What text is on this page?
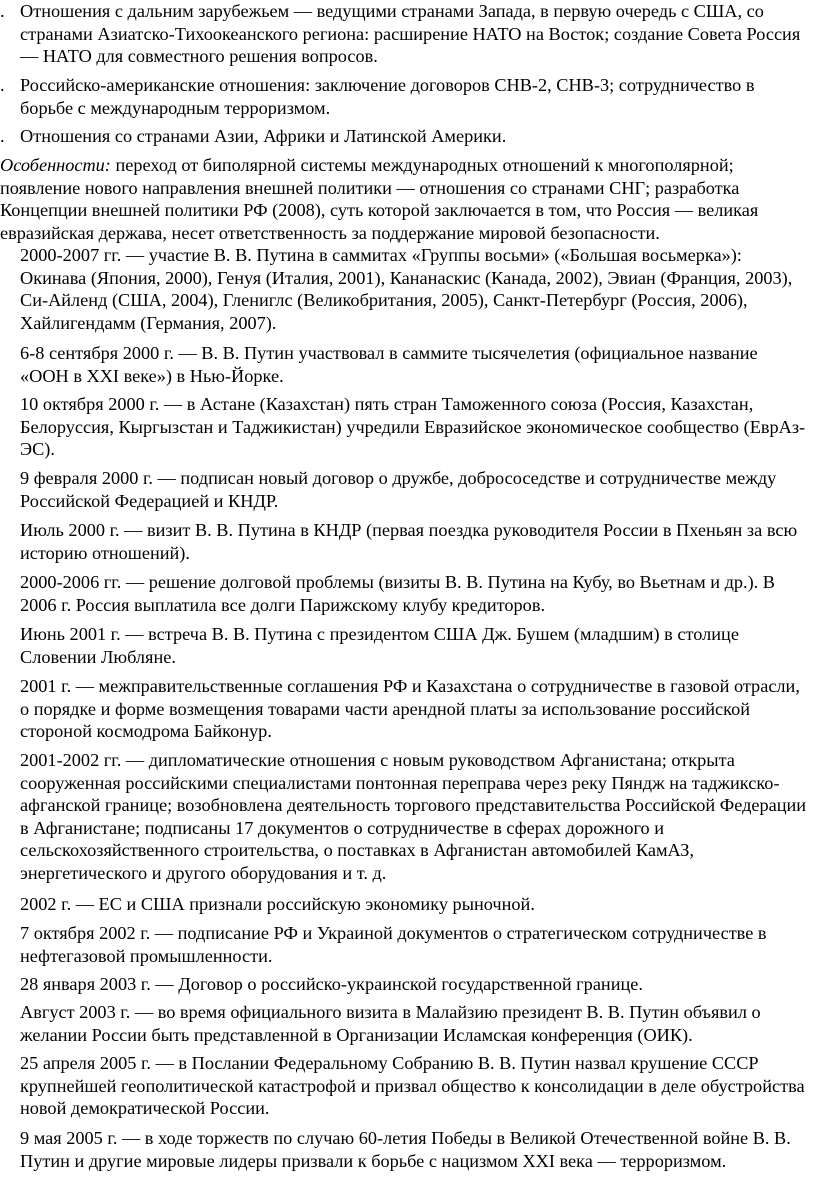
. Отношения с дальним зарубежьем — ведущими странами Запада, в первую очередь с США, со странами Азиатско-Тихоокеанского региона: расширение НАТО на Восток; создание Совета Россия — НАТО для совместного решения вопросов.
. Российско-американские отношения: заключение договоров СНВ-2, СНВ-3; сотрудничество в борьбе с международным терроризмом.
. Отношения со странами Азии, Африки и Латинской Америки.
Особенности: переход от биполярной системы международных отношений к многополярной; появление нового направления внешней политики — отношения со странами СНГ; разработка Концепции внешней политики РФ (2008), суть которой заключается в том, что Россия — великая евразийская держава, несет ответственность за поддержание мировой безопасности.
2000-2007 гг. — участие В. В. Путина в саммитах «Группы восьми» («Большая восьмерка»): Окинава (Япония, 2000), Генуя (Италия, 2001), Кананаскис (Канада, 2002), Эвиан (Франция, 2003), Си-Айленд (США, 2004), Глениглс (Великобритания, 2005), Санкт-Петербург (Россия, 2006), Хайлигендамм (Германия, 2007).
6-8 сентября 2000 г. — В. В. Путин участвовал в саммите тысячелетия (официальное название «ООН в XXI веке») в Нью-Йорке.
10 октября 2000 г. — в Астане (Казахстан) пять стран Таможенного союза (Россия, Казахстан, Белоруссия, Кыргызстан и Таджикистан) учредили Евразийское экономическое сообщество (ЕврАз-ЭС).
9 февраля 2000 г. — подписан новый договор о дружбе, добрососедстве и сотрудничестве между Российской Федерацией и КНДР.
Июль 2000 г. — визит В. В. Путина в КНДР (первая поездка руководителя России в Пхеньян за всю историю отношений).
2000-2006 гг. — решение долговой проблемы (визиты В. В. Путина на Кубу, во Вьетнам и др.). В 2006 г. Россия выплатила все долги Парижскому клубу кредиторов.
Июнь 2001 г. — встреча В. В. Путина с президентом США Дж. Бушем (младшим) в столице Словении Любляне.
2001 г. — межправительственные соглашения РФ и Казахстана о сотрудничестве в газовой отрасли, о порядке и форме возмещения товарами части арендной платы за использование российской стороной космодрома Байконур.
2001-2002 гг. — дипломатические отношения с новым руководством Афганистана; открыта сооруженная российскими специалистами понтонная переправа через реку Пяндж на таджикско-афганской границе; возобновлена деятельность торгового представительства Российской Федерации в Афганистане; подписаны 17 документов о сотрудничестве в сферах дорожного и сельскохозяйственного строительства, о поставках в Афганистан автомобилей КамАЗ, энергетического и другого оборудования и т. д.
2002 г. — ЕС и США признали российскую экономику рыночной.
7 октября 2002 г. — подписание РФ и Украиной документов о стратегическом сотрудничестве в нефтегазовой промышленности.
28 января 2003 г. — Договор о российско-украинской государственной границе.
Август 2003 г. — во время официального визита в Малайзию президент В. В. Путин объявил о желании России быть представленной в Организации Исламская конференция (ОИК).
25 апреля 2005 г. — в Послании Федеральному Собранию В. В. Путин назвал крушение СССР крупнейшей геополитической катастрофой и призвал общество к консолидации в деле обустройства новой демократической России.
9 мая 2005 г. — в ходе торжеств по случаю 60-летия Победы в Великой Отечественной войне В. В. Путин и другие мировые лидеры призвали к борьбе с нацизмом XXI века — терроризмом.
